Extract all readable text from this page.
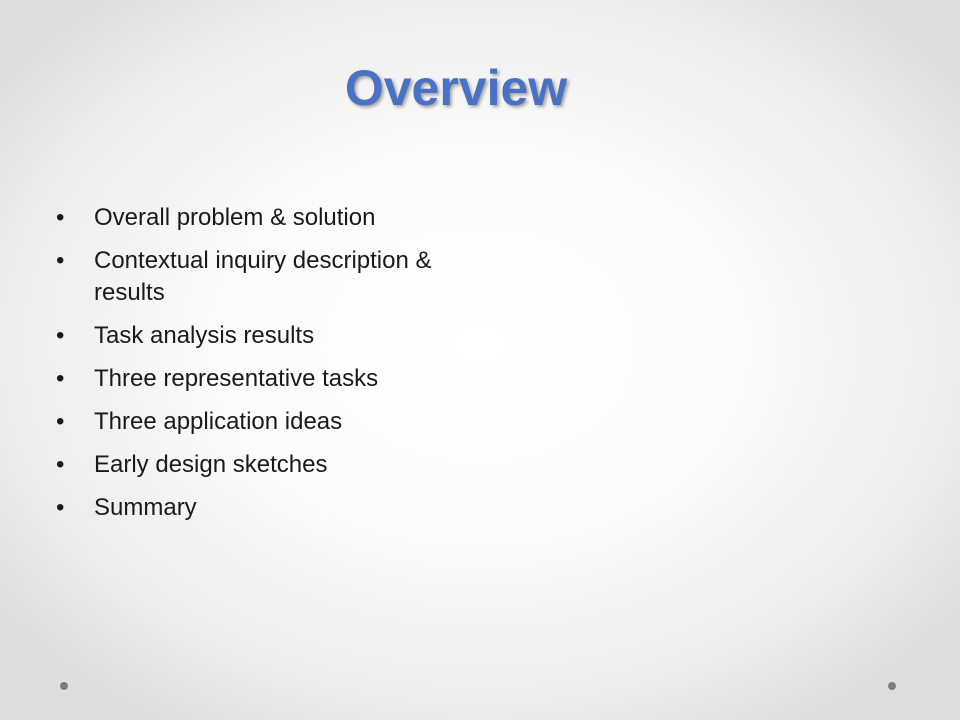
Overview
•	Overall problem & solution
•	Contextual inquiry description & results
•	Task analysis results
•	Three representative tasks
•	Three application ideas
•	Early design sketches
•	Summary
